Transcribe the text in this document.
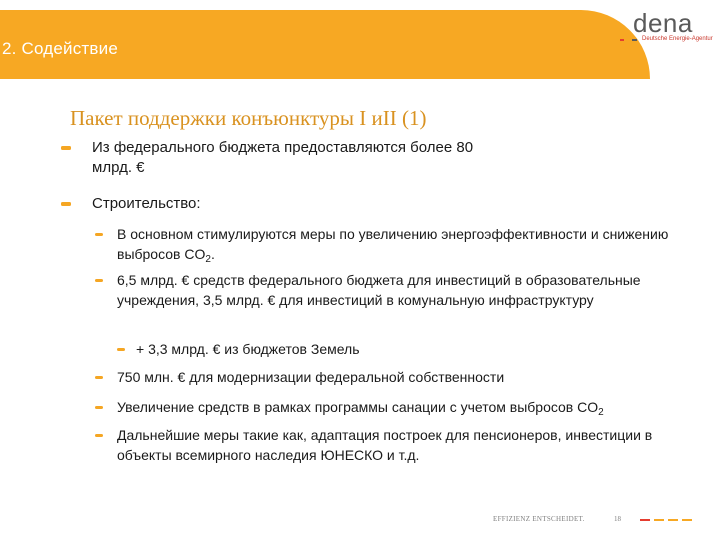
2. Содействие
dena
Deutsche Energie-Agentur
Пакет поддержки конъюнктуры I иII (1)
Из федерального бюджета предоставляются более 80 млрд. €
Строительство:
В основном стимулируются меры по увеличению энергоэффективности и снижению выбросов $CO_2$.
6,5 млрд. € средств федерального бюджета для инвестиций в образовательные учреждения, 3,5 млрд. € для инвестиций в комунальную инфраструктуру
+ 3,3 млрд. € из бюджетов Земель
750 млн. € для модернизации федеральной собственности
Увеличение средств в рамках программы санации с учетом выбросов $CO_2$
Дальнейшие меры такие как, адаптация построек для пенсионеров, инвестиции в объекты всемирного наследия ЮНЕСКО и т.д.
EFFIZIENZ ENTSCHEIDET.	18
